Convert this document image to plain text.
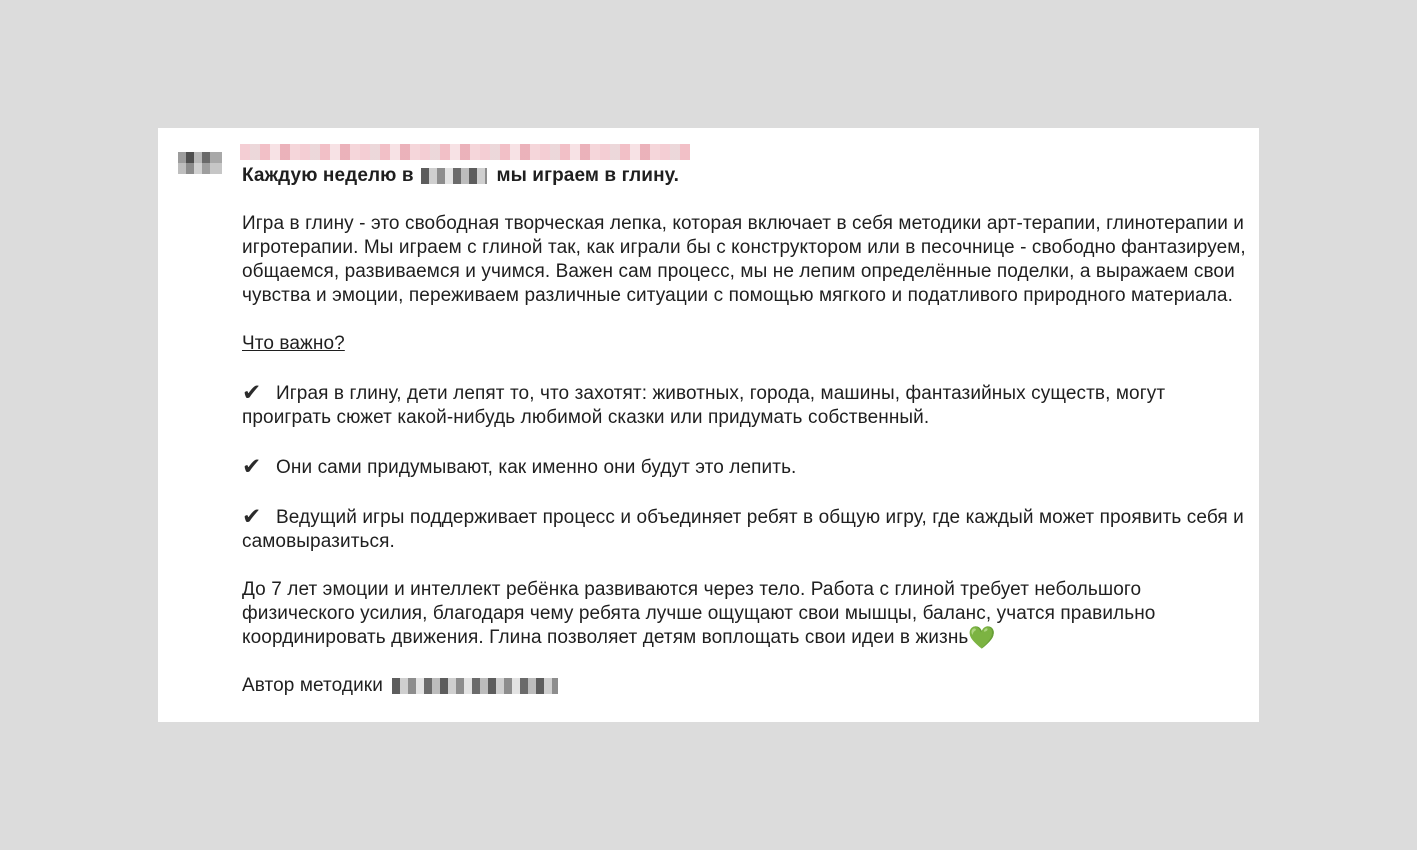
Каждую неделю в	мы играем в глину.

Игра в глину - это свободная творческая лепка, которая включает в себя методики арт-терапии, глинотерапии и игротерапии. Мы играем с глиной так, как играли бы с конструктором или в песочнице - свободно фантазируем, общаемся, развиваемся и учимся. Важен сам процесс, мы не лепим определённые поделки, а выражаем свои чувства и эмоции, переживаем различные ситуации с помощью мягкого и податливого природного материала.

Что важно?

✔ Играя в глину, дети лепят то, что захотят: животных, города, машины, фантазийных существ, могут проиграть сюжет какой-нибудь любимой сказки или придумать собственный.

✔ Они сами придумывают, как именно они будут это лепить.

✔ Ведущий игры поддерживает процесс и объединяет ребят в общую игру, где каждый может проявить себя и самовыразиться.

До 7 лет эмоции и интеллект ребёнка развиваются через тело. Работа с глиной требует небольшого физического усилия, благодаря чему ребята лучше ощущают свои мышцы, баланс, учатся правильно координировать движения. Глина позволяет детям воплощать свои идеи в жизнь💚

Автор методики
